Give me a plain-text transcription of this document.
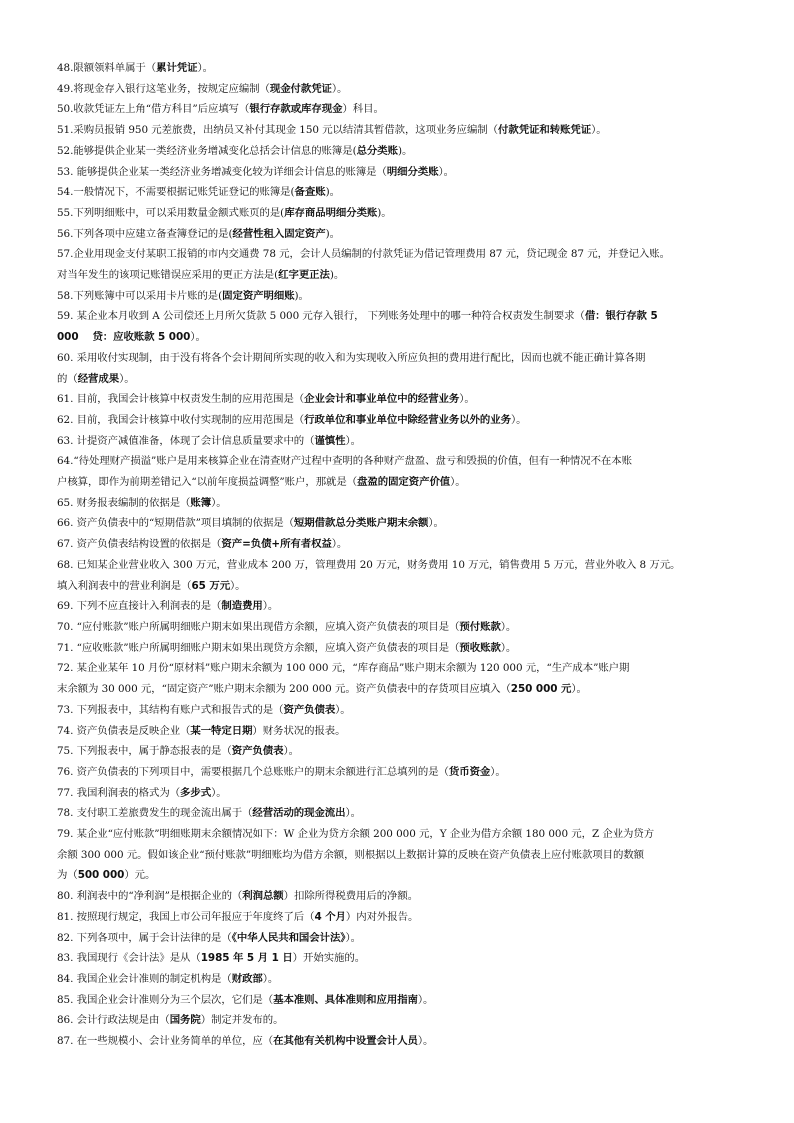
48.限额领料单属于（累计凭证）。
49.将现金存入银行这笔业务，按规定应编制（现金付款凭证）。
50.收款凭证左上角“借方科目”后应填写（银行存款或库存现金）科目。
51.采购员报销 950 元差旅费，出纳员又补付其现金 150 元以结清其暂借款，这项业务应编制（付款凭证和转账凭证）。
52.能够提供企业某一类经济业务增减变化总括会计信息的账簿是(总分类账)。
53. 能够提供企业某一类经济业务增减变化较为详细会计信息的账簿是（明细分类账）。
54.一般情况下，不需要根据记账凭证登记的账簿是(备查账)。
55.下列明细账中，可以采用数量金额式账页的是(库存商品明细分类账)。
56.下列各项中应建立备查簿登记的是(经营性租入固定资产)。
57.企业用现金支付某职工报销的市内交通费 78 元，会计人员编制的付款凭证为借记管理费用 87 元，贷记现金 87 元，并登记入账。
对当年发生的该项记账错误应采用的更正方法是(红字更正法)。
58.下列账簿中可以采用卡片账的是(固定资产明细账)。
59. 某企业本月收到 A 公司偿还上月所欠货款 5 000 元存入银行， 下列账务处理中的哪一种符合权责发生制要求（借：银行存款 5
000　 贷：应收账款 5 000）。
60. 采用收付实现制，由于没有将各个会计期间所实现的收入和为实现收入所应负担的费用进行配比，因而也就不能正确计算各期
的（经营成果）。
61. 目前，我国会计核算中权责发生制的应用范围是（企业会计和事业单位中的经营业务）。
62. 目前，我国会计核算中收付实现制的应用范围是（行政单位和事业单位中除经营业务以外的业务）。
63. 计提资产减值准备，体现了会计信息质量要求中的（谨慎性）。
64.“待处理财产损溢”账户是用来核算企业在清查财产过程中查明的各种财产盘盈、盘亏和毁损的价值，但有一种情况不在本账
户核算，即作为前期差错记入“以前年度损益调整”账户，那就是（盘盈的固定资产价值）。
65. 财务报表编制的依据是（账簿）。
66. 资产负债表中的“短期借款”项目填制的依据是（短期借款总分类账户期末余额）。
67. 资产负债表结构设置的依据是（资产=负债+所有者权益）。
68. 已知某企业营业收入 300 万元，营业成本 200 万，管理费用 20 万元，财务费用 10 万元，销售费用 5 万元，营业外收入 8 万元。
填入利润表中的营业利润是（65 万元）。
69. 下列不应直接计入利润表的是（制造费用）。
70. “应付账款”账户所属明细账户期末如果出现借方余额，应填入资产负债表的项目是（预付账款）。
71. “应收账款”账户所属明细账户期末如果出现贷方余额，应填入资产负债表的项目是（预收账款）。
72. 某企业某年 10 月份“原材料”账户期末余额为 100 000 元，“库存商品”账户期末余额为 120 000 元，“生产成本”账户期
末余额为 30 000 元，“固定资产”账户期末余额为 200 000 元。资产负债表中的存货项目应填入（250 000 元）。
73. 下列报表中，其结构有账户式和报告式的是（资产负债表）。
74. 资产负债表是反映企业（某一特定日期）财务状况的报表。
75. 下列报表中，属于静态报表的是（资产负债表）。
76. 资产负债表的下列项目中，需要根据几个总账账户的期末余额进行汇总填列的是（货币资金）。
77. 我国利润表的格式为（多步式）。
78. 支付职工差旅费发生的现金流出属于（经营活动的现金流出）。
79. 某企业“应付账款”明细账期末余额情况如下：W 企业为贷方余额 200 000 元，Y 企业为借方余额 180 000 元，Z 企业为贷方
余额 300 000 元。假如该企业“预付账款”明细账均为借方余额，则根据以上数据计算的反映在资产负债表上应付账款项目的数额
为（500 000）元。
80. 利润表中的“净利润”是根据企业的（利润总额）扣除所得税费用后的净额。
81. 按照现行规定，我国上市公司年报应于年度终了后（4 个月）内对外报告。
82. 下列各项中，属于会计法律的是（《中华人民共和国会计法》）。
83. 我国现行《会计法》是从（1985 年 5 月 1 日）开始实施的。
84. 我国企业会计准则的制定机构是（财政部）。
85. 我国企业会计准则分为三个层次，它们是（基本准则、具体准则和应用指南）。
86. 会计行政法规是由（国务院）制定并发布的。
87. 在一些规模小、会计业务简单的单位，应（在其他有关机构中设置会计人员）。
